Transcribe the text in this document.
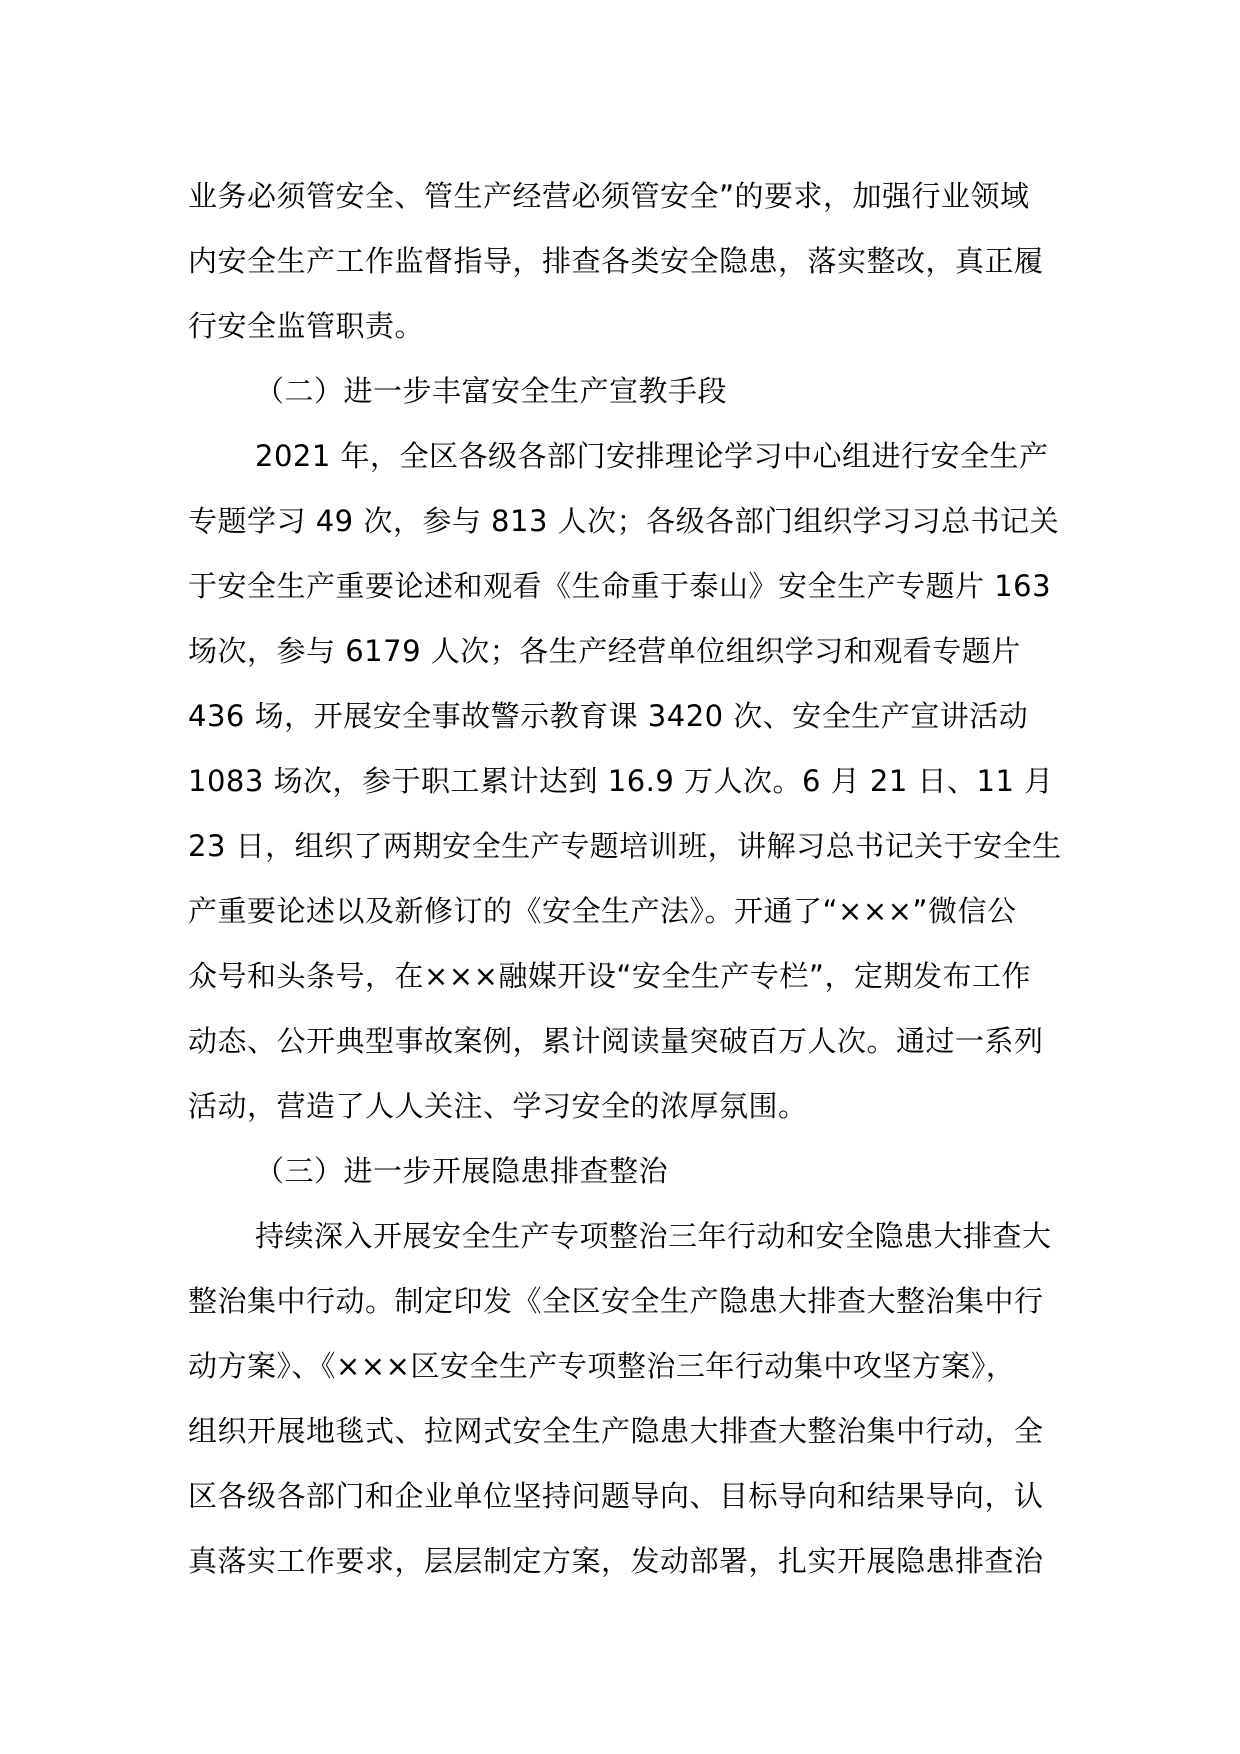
业务必须管安全、管生产经营必须管安全”的要求，加强行业领域
内安全生产工作监督指导，排查各类安全隐患，落实整改，真正履
行安全监管职责。
（二）进一步丰富安全生产宣教手段
2021 年，全区各级各部门安排理论学习中心组进行安全生产
专题学习 49 次，参与 813 人次；各级各部门组织学习习总书记关
于安全生产重要论述和观看《生命重于泰山》安全生产专题片 163
场次，参与 6179 人次；各生产经营单位组织学习和观看专题片
436 场，开展安全事故警示教育课 3420 次、安全生产宣讲活动
1083 场次，参于职工累计达到 16.9 万人次。6 月 21 日、11 月
23 日，组织了两期安全生产专题培训班，讲解习总书记关于安全生
产重要论述以及新修订的《安全生产法》。开通了“×××”微信公
众号和头条号，在×××融媒开设“安全生产专栏”，定期发布工作
动态、公开典型事故案例，累计阅读量突破百万人次。通过一系列
活动，营造了人人关注、学习安全的浓厚氛围。
（三）进一步开展隐患排查整治
持续深入开展安全生产专项整治三年行动和安全隐患大排查大
整治集中行动。制定印发《全区安全生产隐患大排查大整治集中行
动方案》、《×××区安全生产专项整治三年行动集中攻坚方案》，
组织开展地毯式、拉网式安全生产隐患大排查大整治集中行动，全
区各级各部门和企业单位坚持问题导向、目标导向和结果导向，认
真落实工作要求，层层制定方案，发动部署，扎实开展隐患排查治
